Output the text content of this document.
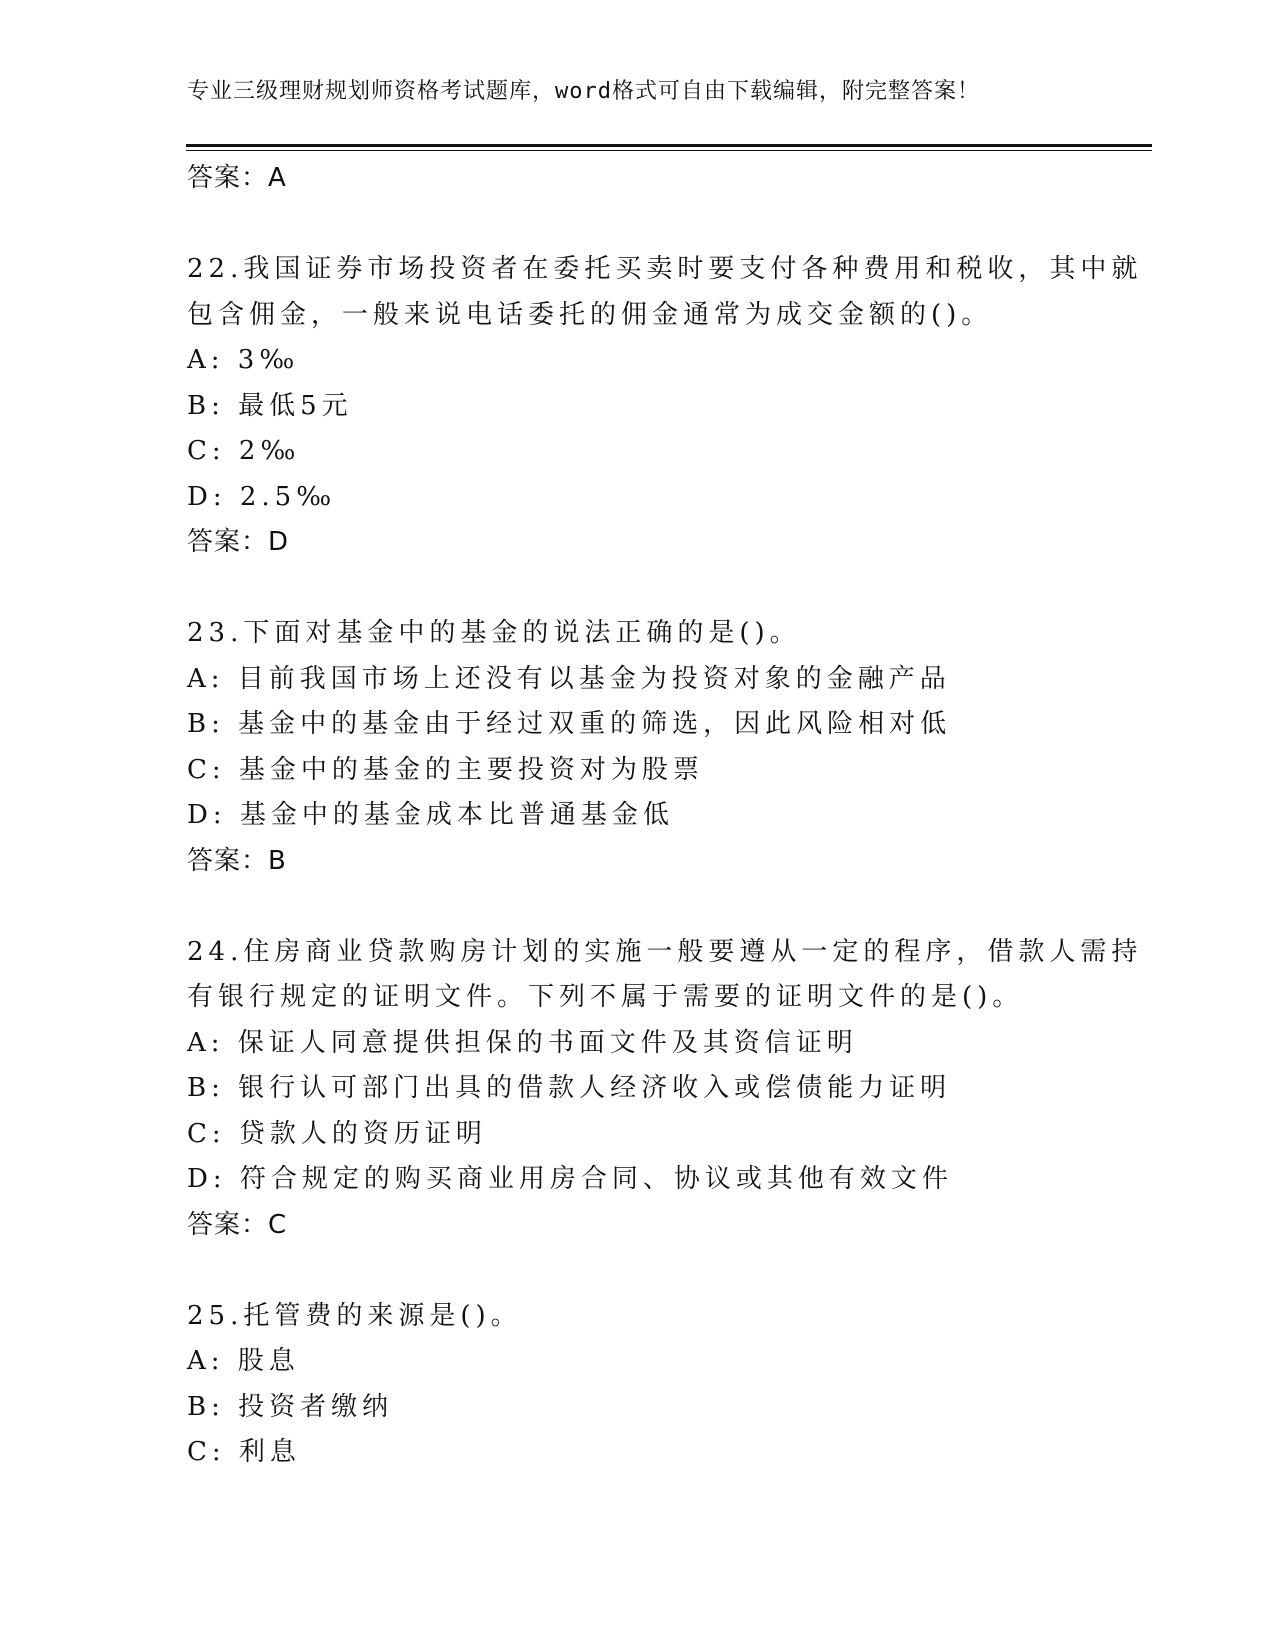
专业三级理财规划师资格考试题库，word格式可自由下载编辑，附完整答案！
答案：A
22.我国证券市场投资者在委托买卖时要支付各种费用和税收，其中就
包含佣金，一般来说电话委托的佣金通常为成交金额的()。
A: 3‰
B: 最低5元
C: 2‰
D: 2.5‰
答案：D
23.下面对基金中的基金的说法正确的是()。
A: 目前我国市场上还没有以基金为投资对象的金融产品
B: 基金中的基金由于经过双重的筛选，因此风险相对低
C: 基金中的基金的主要投资对为股票
D: 基金中的基金成本比普通基金低
答案：B
24.住房商业贷款购房计划的实施一般要遵从一定的程序，借款人需持
有银行规定的证明文件。下列不属于需要的证明文件的是()。
A: 保证人同意提供担保的书面文件及其资信证明
B: 银行认可部门出具的借款人经济收入或偿债能力证明
C: 贷款人的资历证明
D: 符合规定的购买商业用房合同、协议或其他有效文件
答案：C
25.托管费的来源是()。
A: 股息
B: 投资者缴纳
C: 利息
